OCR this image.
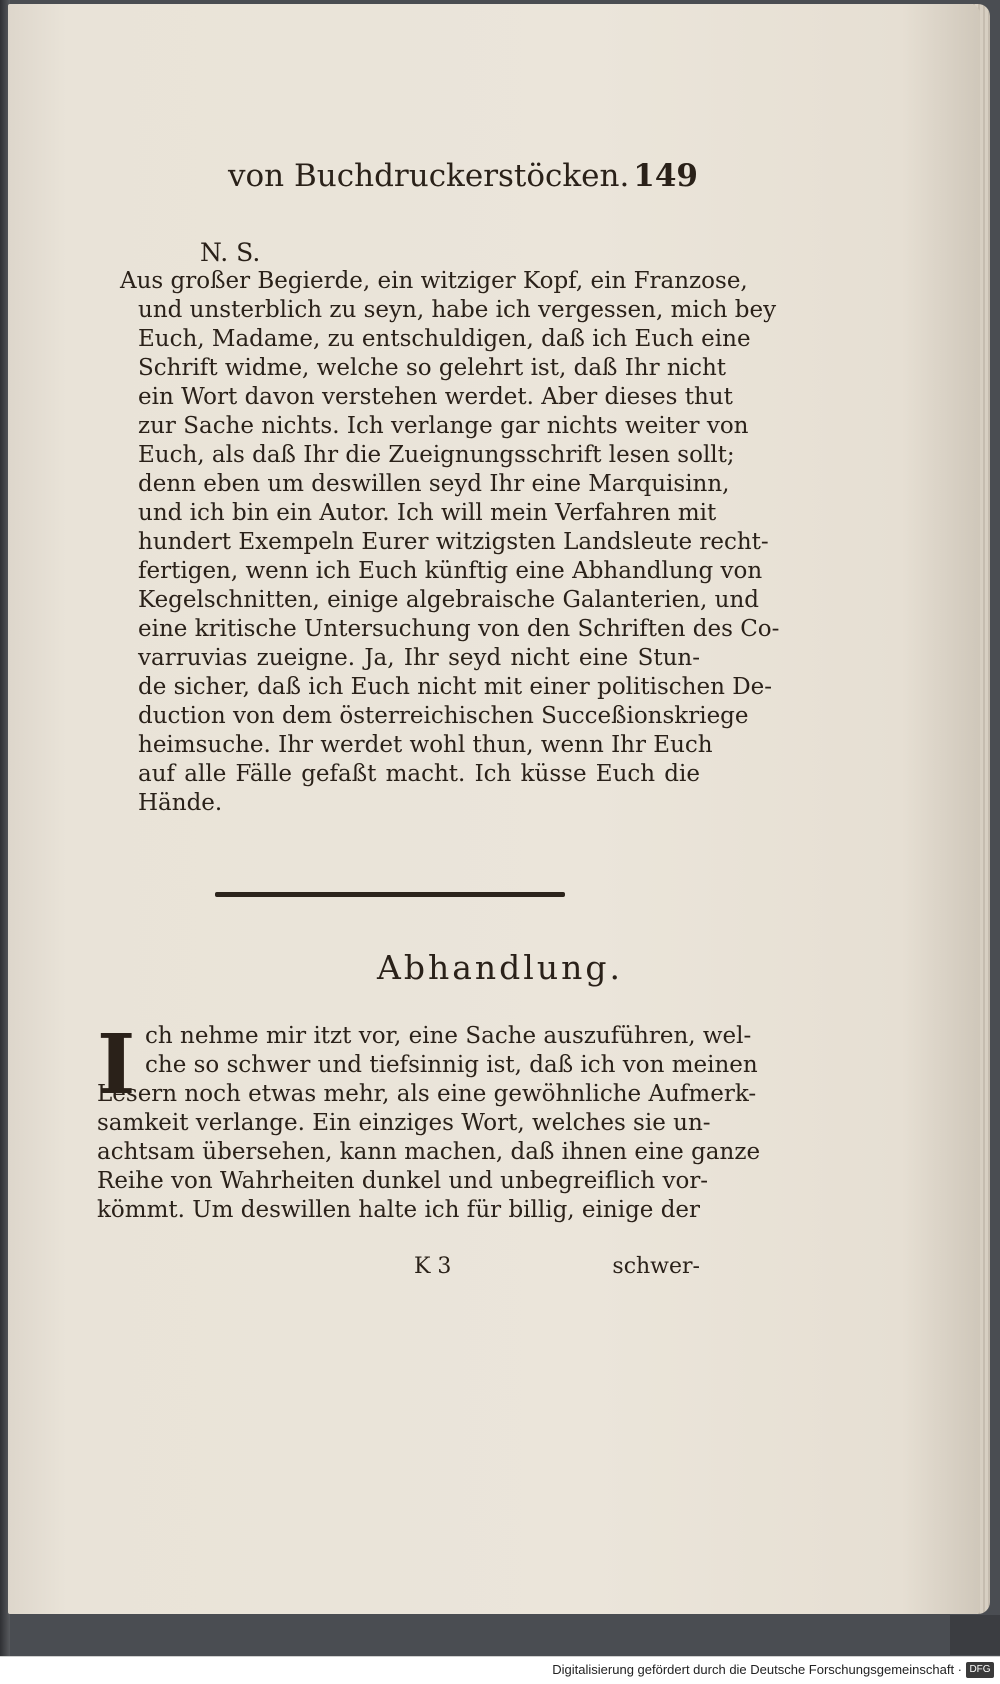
von Buchdruckerstöcken. 149
N. S.
Aus großer Begierde, ein witziger Kopf, ein Franzose,
und unsterblich zu seyn, habe ich vergessen, mich bey
Euch, Madame, zu entschuldigen, daß ich Euch eine
Schrift widme, welche so gelehrt ist, daß Ihr nicht
ein Wort davon verstehen werdet. Aber dieses thut
zur Sache nichts. Ich verlange gar nichts weiter von
Euch, als daß Ihr die Zueignungsschrift lesen sollt;
denn eben um deswillen seyd Ihr eine Marquisinn,
und ich bin ein Autor. Ich will mein Verfahren mit
hundert Exempeln Eurer witzigsten Landsleute recht-
fertigen, wenn ich Euch künftig eine Abhandlung von
Kegelschnitten, einige algebraische Galanterien, und
eine kritische Untersuchung von den Schriften des Co-
varruvias zueigne. Ja, Ihr seyd nicht eine Stun-
de sicher, daß ich Euch nicht mit einer politischen De-
duction von dem österreichischen Succeßionskriege
heimsuche. Ihr werdet wohl thun, wenn Ihr Euch
auf alle Fälle gefaßt macht. Ich küsse Euch die
Hände.
Abhandlung.
I ch nehme mir itzt vor, eine Sache auszuführen, wel-
che so schwer und tiefsinnig ist, daß ich von meinen
Lesern noch etwas mehr, als eine gewöhnliche Aufmerk-
samkeit verlange. Ein einziges Wort, welches sie un-
achtsam übersehen, kann machen, daß ihnen eine ganze
Reihe von Wahrheiten dunkel und unbegreiflich vor-
kömmt. Um deswillen halte ich für billig, einige der
K 3	schwer-
Digitalisierung gefördert durch die Deutsche Forschungsgemeinschaft · DFG
